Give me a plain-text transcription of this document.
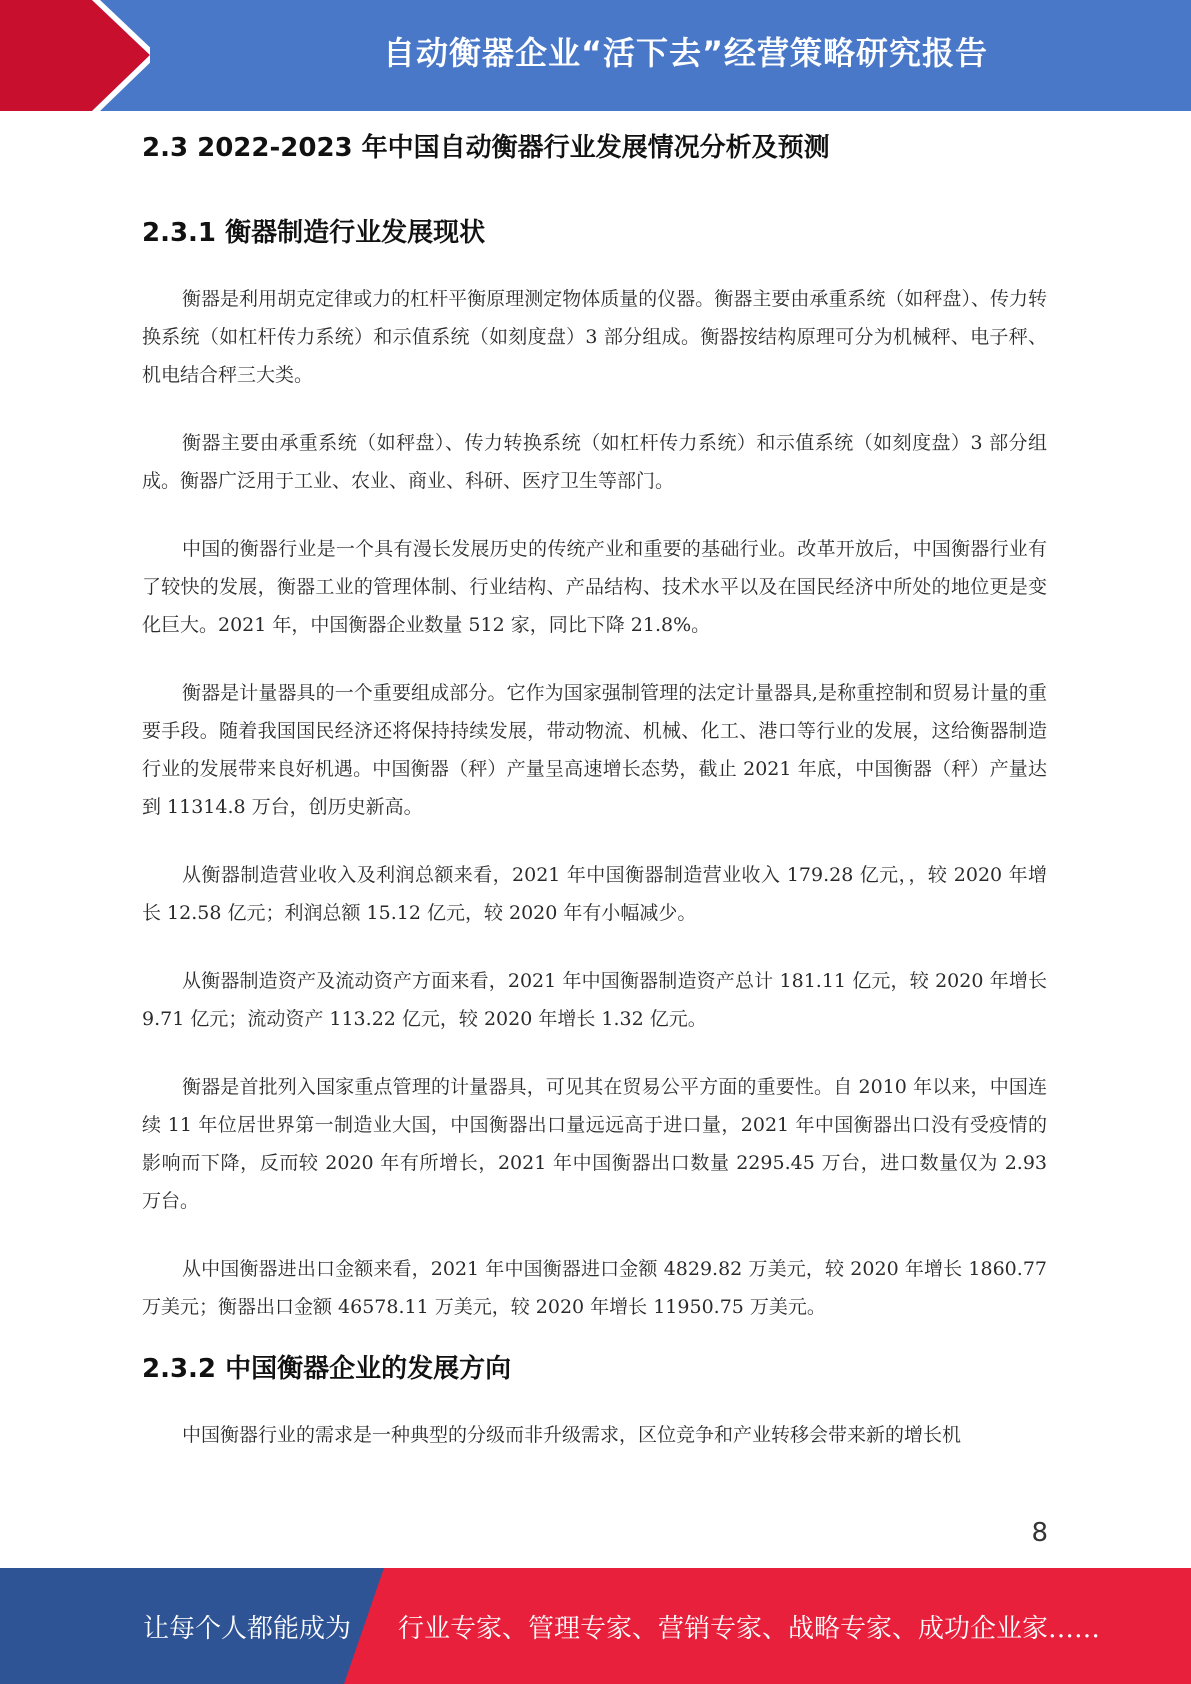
自动衡器企业“活下去”经营策略研究报告
2.3 2022-2023 年中国自动衡器行业发展情况分析及预测
2.3.1 衡器制造行业发展现状

衡器是利用胡克定律或力的杠杆平衡原理测定物体质量的仪器。衡器主要由承重系统（如秤盘）、传力转换系统（如杠杆传力系统）和示值系统（如刻度盘）3 部分组成。衡器按结构原理可分为机械秤、电子秤、机电结合秤三大类。

衡器主要由承重系统（如秤盘）、传力转换系统（如杠杆传力系统）和示值系统（如刻度盘）3 部分组成。衡器广泛用于工业、农业、商业、科研、医疗卫生等部门。

中国的衡器行业是一个具有漫长发展历史的传统产业和重要的基础行业。改革开放后，中国衡器行业有了较快的发展，衡器工业的管理体制、行业结构、产品结构、技术水平以及在国民经济中所处的地位更是变化巨大。2021 年，中国衡器企业数量 512 家，同比下降 21.8%。

衡器是计量器具的一个重要组成部分。它作为国家强制管理的法定计量器具,是称重控制和贸易计量的重要手段。随着我国国民经济还将保持持续发展，带动物流、机械、化工、港口等行业的发展，这给衡器制造行业的发展带来良好机遇。中国衡器（秤）产量呈高速增长态势，截止 2021 年底，中国衡器（秤）产量达到 11314.8 万台，创历史新高。

从衡器制造营业收入及利润总额来看，2021 年中国衡器制造营业收入 179.28 亿元，，较 2020 年增长 12.58 亿元；利润总额 15.12 亿元，较 2020 年有小幅减少。

从衡器制造资产及流动资产方面来看，2021 年中国衡器制造资产总计 181.11 亿元，较 2020 年增长 9.71 亿元；流动资产 113.22 亿元，较 2020 年增长 1.32 亿元。

衡器是首批列入国家重点管理的计量器具，可见其在贸易公平方面的重要性。自 2010 年以来，中国连续 11 年位居世界第一制造业大国，中国衡器出口量远远高于进口量，2021 年中国衡器出口没有受疫情的影响而下降，反而较 2020 年有所增长，2021 年中国衡器出口数量 2295.45 万台，进口数量仅为 2.93 万台。

从中国衡器进出口金额来看，2021 年中国衡器进口金额 4829.82 万美元，较 2020 年增长 1860.77 万美元；衡器出口金额 46578.11 万美元，较 2020 年增长 11950.75 万美元。

2.3.2 中国衡器企业的发展方向

中国衡器行业的需求是一种典型的分级而非升级需求，区位竞争和产业转移会带来新的增长机

8
让每个人都能成为 行业专家、管理专家、营销专家、战略专家、成功企业家……
